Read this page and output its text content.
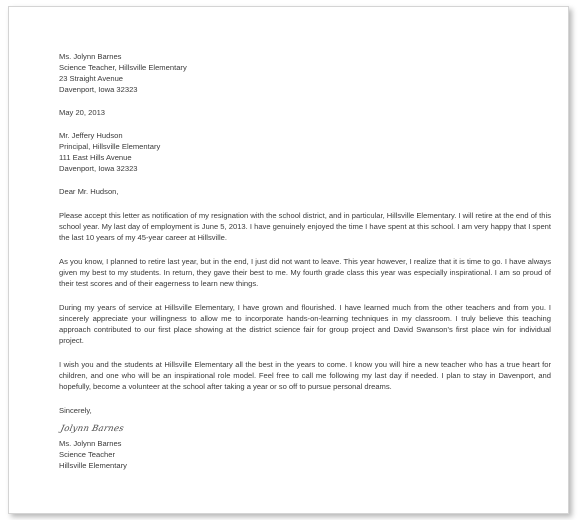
Ms. Jolynn Barnes
Science Teacher, Hillsville Elementary
23 Straight Avenue
Davenport, Iowa 32323
May 20, 2013
Mr. Jeffery Hudson
Principal, Hillsville Elementary
111 East Hills Avenue
Davenport, Iowa 32323
Dear Mr. Hudson,

Please accept this letter as notification of my resignation with the school district, and in particular, Hillsville Elementary. I will retire at the end of this school year. My last day of employment is June 5, 2013. I have genuinely enjoyed the time I have spent at this school. I am very happy that I spent the last 10 years of my 45-year career at Hillsville.

As you know, I planned to retire last year, but in the end, I just did not want to leave. This year however, I realize that it is time to go. I have always given my best to my students. In return, they gave their best to me. My fourth grade class this year was especially inspirational. I am so proud of their test scores and of their eagerness to learn new things.

During my years of service at Hillsville Elementary, I have grown and flourished. I have learned much from the other teachers and from you. I sincerely appreciate your willingness to allow me to incorporate hands-on-learning techniques in my classroom. I truly believe this teaching approach contributed to our first place showing at the district science fair for group project and David Swanson's first place win for individual project.

I wish you and the students at Hillsville Elementary all the best in the years to come. I know you will hire a new teacher who has a true heart for children, and one who will be an inspirational role model. Feel free to call me following my last day if needed. I plan to stay in Davenport, and hopefully, become a volunteer at the school after taking a year or so off to pursue personal dreams.

Sincerely,
Jolynn Barnes
Ms. Jolynn Barnes
Science Teacher
Hillsville Elementary
